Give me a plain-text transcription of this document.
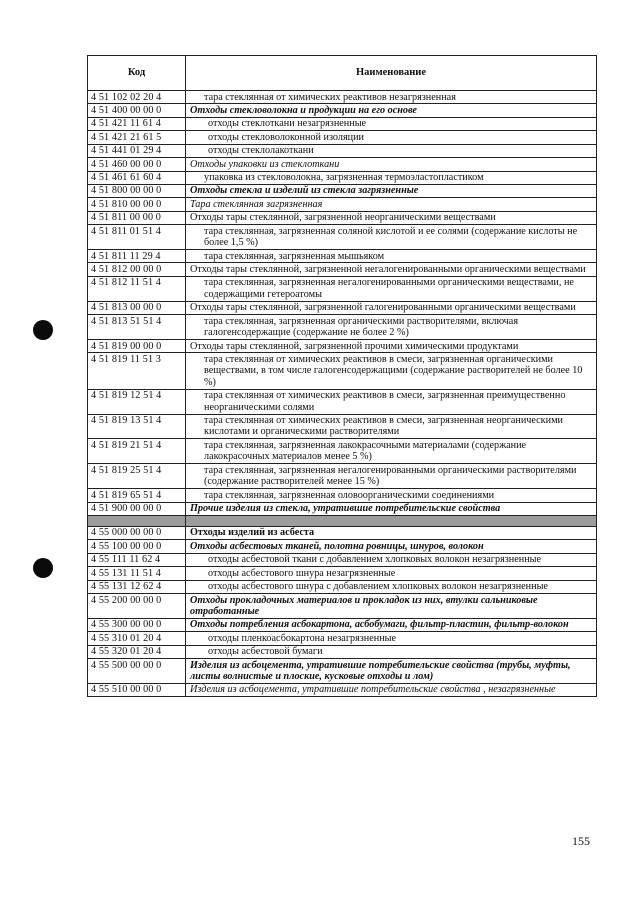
Код	Наименование
4 51 102 02 20 4	тара стеклянная от химических реактивов незагрязненная
4 51 400 00 00 0	Отходы стекловолокна и продукции на его основе
4 51 421 11 61 4	отходы стеклоткани незагрязненные
4 51 421 21 61 5	отходы стекловолоконной изоляции
4 51 441 01 29 4	отходы стеклолакоткани
4 51 460 00 00 0	Отходы упаковки из стеклоткани
4 51 461 61 60 4	упаковка из стекловолокна, загрязненная термоэластопластиком
4 51 800 00 00 0	Отходы стекла и изделий из стекла загрязненные
4 51 810 00 00 0	Тара стеклянная загрязненная
4 51 811 00 00 0	Отходы тары стеклянной, загрязненной неорганическими веществами
4 51 811 01 51 4	тара стеклянная, загрязненная соляной кислотой и ее солями (содержание кислоты не более 1,5 %)
4 51 811 11 29 4	тара стеклянная, загрязненная мышьяком
4 51 812 00 00 0	Отходы тары стеклянной, загрязненной негалогенированными органическими веществами
4 51 812 11 51 4	тара стеклянная, загрязненная негалогенированными органическими веществами, не содержащими гетероатомы
4 51 813 00 00 0	Отходы тары стеклянной, загрязненной галогенированными органическими веществами
4 51 813 51 51 4	тара стеклянная, загрязненная органическими растворителями, включая галогенсодержащие (содержание не более 2 %)
4 51 819 00 00 0	Отходы тары стеклянной, загрязненной прочими химическими продуктами
4 51 819 11 51 3	тара стеклянная от химических реактивов в смеси, загрязненная органическими веществами, в том числе галогенсодержащими (содержание растворителей не более 10 %)
4 51 819 12 51 4	тара стеклянная от химических реактивов в смеси, загрязненная преимущественно неорганическими солями
4 51 819 13 51 4	тара стеклянная от химических реактивов в смеси, загрязненная неорганическими кислотами и органическими растворителями
4 51 819 21 51 4	тара стеклянная, загрязненная лакокрасочными материалами (содержание лакокрасочных материалов менее 5 %)
4 51 819 25 51 4	тара стеклянная, загрязненная негалогенированными органическими растворителями (содержание растворителей менее 15 %)
4 51 819 65 51 4	тара стеклянная, загрязненная оловоорганическими соединениями
4 51 900 00 00 0	Прочие изделия из стекла, утратившие потребительские свойства

4 55 000 00 00 0	Отходы изделий из асбеста
4 55 100 00 00 0	Отходы асбестовых тканей, полотна ровницы, шнуров, волокон
4 55 111 11 62 4	отходы асбестовой ткани с добавлением хлопковых волокон незагрязненные
4 55 131 11 51 4	отходы асбестового шнура незагрязненные
4 55 131 12 62 4	отходы асбестового шнура с добавлением хлопковых волокон незагрязненные
4 55 200 00 00 0	Отходы прокладочных материалов и прокладок из них, втулки сальниковые отработанные
4 55 300 00 00 0	Отходы потребления асбокартона, асбобумаги, фильтр-пластин, фильтр-волокон
4 55 310 01 20 4	отходы пленкоасбокартона незагрязненные
4 55 320 01 20 4	отходы асбестовой бумаги
4 55 500 00 00 0	Изделия из асбоцемента, утратившие потребительские свойства (трубы, муфты, листы волнистые и плоские, кусковые отходы и лом)
4 55 510 00 00 0	Изделия из асбоцемента, утратившие потребительские свойства , незагрязненные
155
